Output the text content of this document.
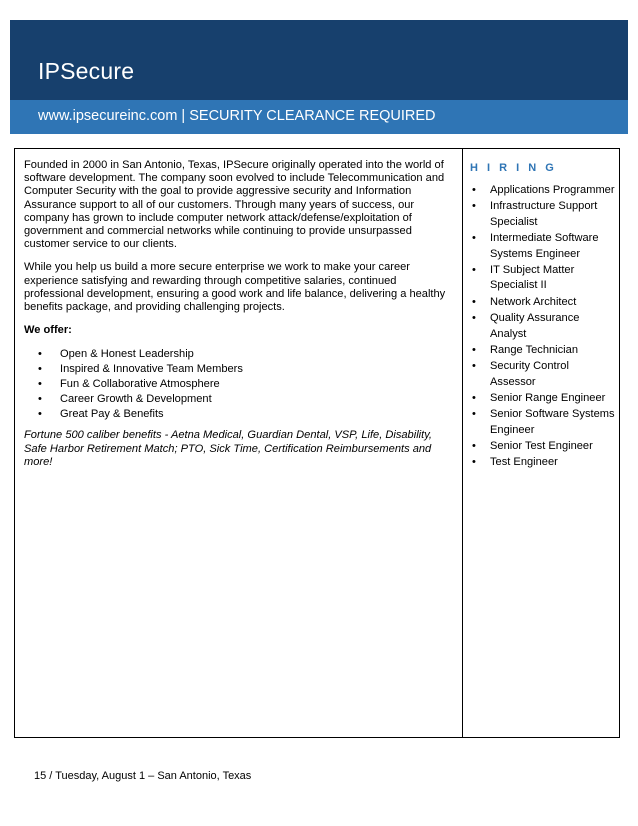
IPSecure
www.ipsecureinc.com | SECURITY CLEARANCE REQUIRED

Founded in 2000 in San Antonio, Texas, IPSecure originally operated into the world of software development. The company soon evolved to include Telecommunication and Computer Security with the goal to provide aggressive security and Information Assurance support to all of our customers. Through many years of success, our company has grown to include computer network attack/defense/exploitation of government and commercial networks while continuing to provide unsurpassed customer service to our clients.

While you help us build a more secure enterprise we work to make your career experience satisfying and rewarding through competitive salaries, continued professional development, ensuring a good work and life balance, delivering a healthy benefits package, and providing challenging projects.

We offer:

• Open & Honest Leadership
• Inspired & Innovative Team Members
• Fun & Collaborative Atmosphere
• Career Growth & Development
• Great Pay & Benefits

Fortune 500 caliber benefits - Aetna Medical, Guardian Dental, VSP, Life, Disability, Safe Harbor Retirement Match; PTO, Sick Time, Certification Reimbursements and more!

H I R I N G
• Applications Programmer
• Infrastructure Support Specialist
• Intermediate Software Systems Engineer
• IT Subject Matter Specialist II
• Network Architect
• Quality Assurance Analyst
• Range Technician
• Security Control Assessor
• Senior Range Engineer
• Senior Software Systems Engineer
• Senior Test Engineer
• Test Engineer
15 / Tuesday, August 1 – San Antonio, Texas
